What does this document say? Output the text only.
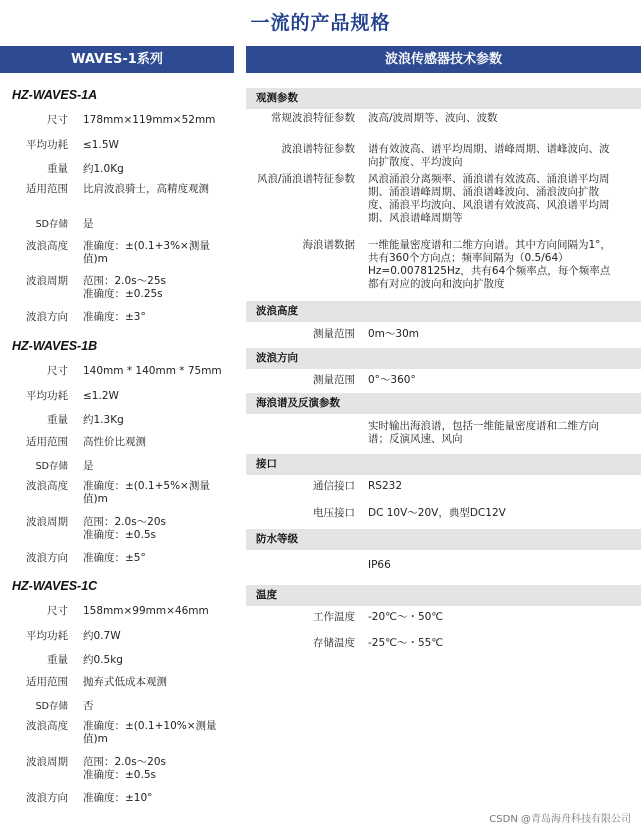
一流的产品规格
WAVES-1系列
HZ-WAVES-1A
尺寸	178mm×119mm×52mm
平均功耗	≤1.5W
重量	约1.0Kg
适用范围	比肩波浪骑士，高精度观测
SD存储	是
波浪高度	准确度：±(0.1+3%×测量值)m
波浪周期	范围：2.0s～25s
准确度：±0.25s
波浪方向	准确度：±3°
HZ-WAVES-1B
尺寸	140mm * 140mm * 75mm
平均功耗	≤1.2W
重量	约1.3Kg
适用范围	高性价比观测
SD存储	是
波浪高度	准确度：±(0.1+5%×测量值)m
波浪周期	范围：2.0s～20s
准确度：±0.5s
波浪方向	准确度：±5°
HZ-WAVES-1C
尺寸	158mm×99mm×46mm
平均功耗	约0.7W
重量	约0.5kg
适用范围	抛弃式低成本观测
SD存储	否
波浪高度	准确度：±(0.1+10%×测量值)m
波浪周期	范围：2.0s～20s
准确度：±0.5s
波浪方向	准确度：±10°
波浪传感器技术参数
观测参数
常规波浪特征参数	波高/波周期等、波向、波数
波浪谱特征参数	谱有效波高、谱平均周期、谱峰周期、谱峰波向、波向扩散度、平均波向
风浪/涌浪谱特征参数	风浪涌浪分离频率、涌浪谱有效波高、涌浪谱平均周期、涌浪谱峰周期、涌浪谱峰波向、涌浪波向扩散度、涌浪平均波向、风浪谱有效波高、风浪谱平均周期、风浪谱峰周期等
海浪谱数据	一维能量密度谱和二维方向谱。其中方向间隔为1°，共有360个方向点；频率间隔为（0.5/64）Hz=0.0078125Hz，共有64个频率点，每个频率点都有对应的波向和波向扩散度
波浪高度
测量范围	0m～30m
波浪方向
测量范围	0°～360°
海浪谱及反演参数
实时输出海浪谱，包括一维能量密度谱和二维方向谱；反演风速、风向
接口
通信接口	RS232
电压接口	DC 10V～20V，典型DC12V
防水等级
IP66
温度
工作温度	-20℃～・50℃
存储温度	-25℃～・55℃
CSDN @青岛海舟科技有限公司
